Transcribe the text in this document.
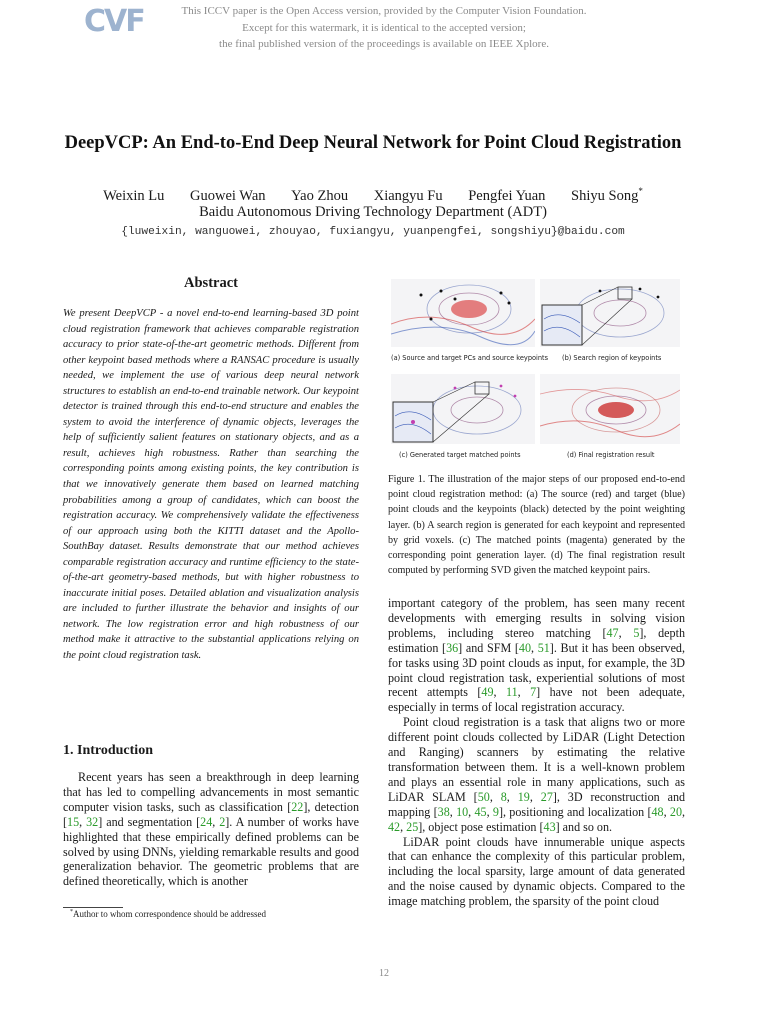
CVF	This ICCV paper is the Open Access version, provided by the Computer Vision Foundation.
Except for this watermark, it is identical to the accepted version;
the final published version of the proceedings is available on IEEE Xplore.
DeepVCP: An End-to-End Deep Neural Network for Point Cloud Registration
Weixin Lu Guowei Wan Yao Zhou Xiangyu Fu Pengfei Yuan Shiyu Song*
Baidu Autonomous Driving Technology Department (ADT)
{luweixin, wanguowei, zhouyao, fuxiangyu, yuanpengfei, songshiyu}@baidu.com
Abstract
We present DeepVCP - a novel end-to-end learning-based 3D point cloud registration framework that achieves comparable registration accuracy to prior state-of-the-art geometric methods. Different from other keypoint based methods where a RANSAC procedure is usually needed, we implement the use of various deep neural network structures to establish an end-to-end trainable network. Our keypoint detector is trained through this end-to-end structure and enables the system to avoid the interference of dynamic objects, leverages the help of sufficiently salient features on stationary objects, and as a result, achieves high robustness. Rather than searching the corresponding points among existing points, the key contribution is that we innovatively generate them based on learned matching probabilities among a group of candidates, which can boost the registration accuracy. We comprehensively validate the effectiveness of our approach using both the KITTI dataset and the Apollo-SouthBay dataset. Results demonstrate that our method achieves comparable registration accuracy and runtime efficiency to the state-of-the-art geometry-based methods, but with higher robustness to inaccurate initial poses. Detailed ablation and visualization analysis are included to further illustrate the behavior and insights of our network. The low registration error and high robustness of our method make it attractive to the substantial applications relying on the point cloud registration task.
1. Introduction

Recent years has seen a breakthrough in deep learning that has led to compelling advancements in most semantic computer vision tasks, such as classification [22], detection [15, 32] and segmentation [24, 2]. A number of works have highlighted that these empirically defined problems can be solved by using DNNs, yielding remarkable results and good generalization behavior. The geometric problems that are defined theoretically, which is another

*Author to whom correspondence should be addressed
(a) Source and target PCs and source keypoints (b) Search region of keypoints
(c) Generated target matched points	(d) Final registration result
Figure 1. The illustration of the major steps of our proposed end-to-end point cloud registration method: (a) The source (red) and target (blue) point clouds and the keypoints (black) detected by the point weighting layer. (b) A search region is generated for each keypoint and represented by grid voxels. (c) The matched points (magenta) generated by the corresponding point generation layer. (d) The final registration result computed by performing SVD given the matched keypoint pairs.

important category of the problem, has seen many recent developments with emerging results in solving vision problems, including stereo matching [47, 5], depth estimation [36] and SFM [40, 51]. But it has been observed, for tasks using 3D point clouds as input, for example, the 3D point cloud registration task, experiential solutions of most recent attempts [49, 11, 7] have not been adequate, especially in terms of local registration accuracy.

Point cloud registration is a task that aligns two or more different point clouds collected by LiDAR (Light Detection and Ranging) scanners by estimating the relative transformation between them. It is a well-known problem and plays an essential role in many applications, such as LiDAR SLAM [50, 8, 19, 27], 3D reconstruction and mapping [38, 10, 45, 9], positioning and localization [48, 20, 42, 25], object pose estimation [43] and so on.

LiDAR point clouds have innumerable unique aspects that can enhance the complexity of this particular problem, including the local sparsity, large amount of data generated and the noise caused by dynamic objects. Compared to the image matching problem, the sparsity of the point cloud

12
